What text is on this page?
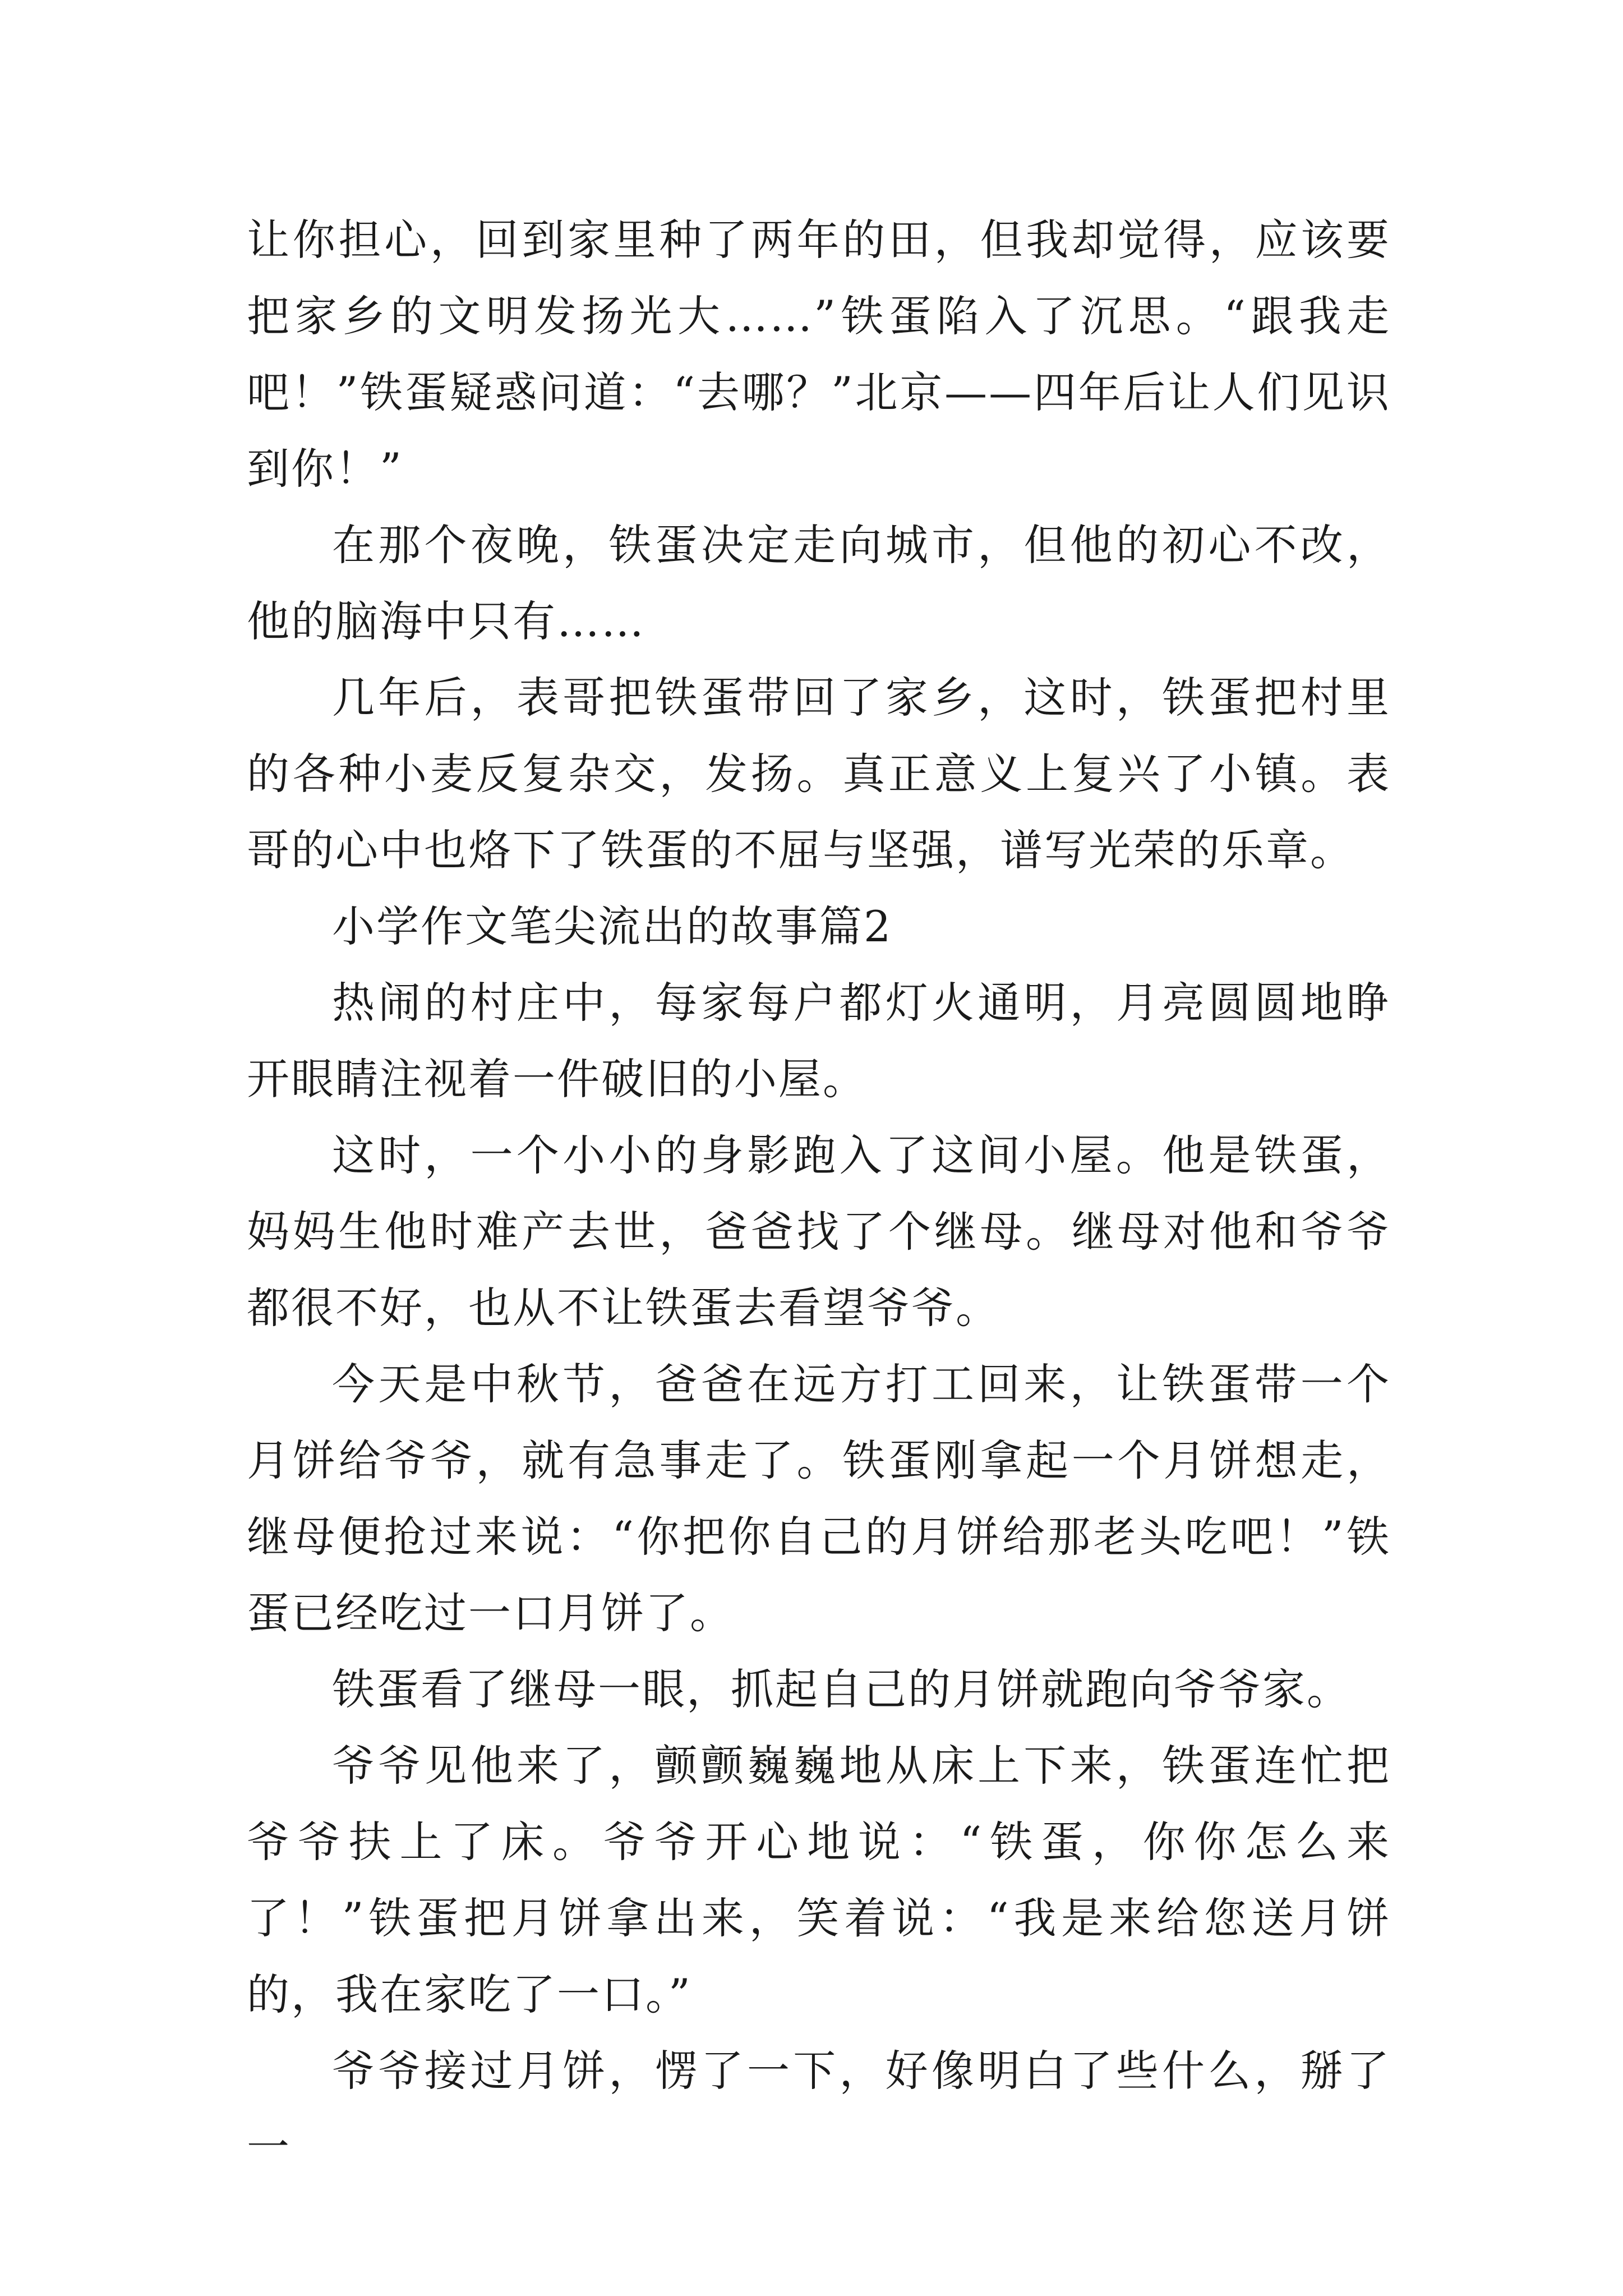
让你担心，回到家里种了两年的田，但我却觉得，应该要把家乡的文明发扬光大……”铁蛋陷入了沉思。“跟我走吧！”铁蛋疑惑问道：“去哪？”北京——四年后让人们见识到你！”

在那个夜晚，铁蛋决定走向城市，但他的初心不改，他的脑海中只有……

几年后，表哥把铁蛋带回了家乡，这时，铁蛋把村里的各种小麦反复杂交，发扬。真正意义上复兴了小镇。表哥的心中也烙下了铁蛋的不屈与坚强，谱写光荣的乐章。

小学作文笔尖流出的故事篇2

热闹的村庄中，每家每户都灯火通明，月亮圆圆地睁开眼睛注视着一件破旧的小屋。

这时，一个小小的身影跑入了这间小屋。他是铁蛋，妈妈生他时难产去世，爸爸找了个继母。继母对他和爷爷都很不好，也从不让铁蛋去看望爷爷。

今天是中秋节，爸爸在远方打工回来，让铁蛋带一个月饼给爷爷，就有急事走了。铁蛋刚拿起一个月饼想走，继母便抢过来说：“你把你自己的月饼给那老头吃吧！”铁蛋已经吃过一口月饼了。

铁蛋看了继母一眼，抓起自己的月饼就跑向爷爷家。

爷爷见他来了，颤颤巍巍地从床上下来，铁蛋连忙把爷爷扶上了床。爷爷开心地说：“铁蛋，你你怎么来了！”铁蛋把月饼拿出来，笑着说：“我是来给您送月饼的，我在家吃了一口。”

爷爷接过月饼，愣了一下，好像明白了些什么，掰了一
